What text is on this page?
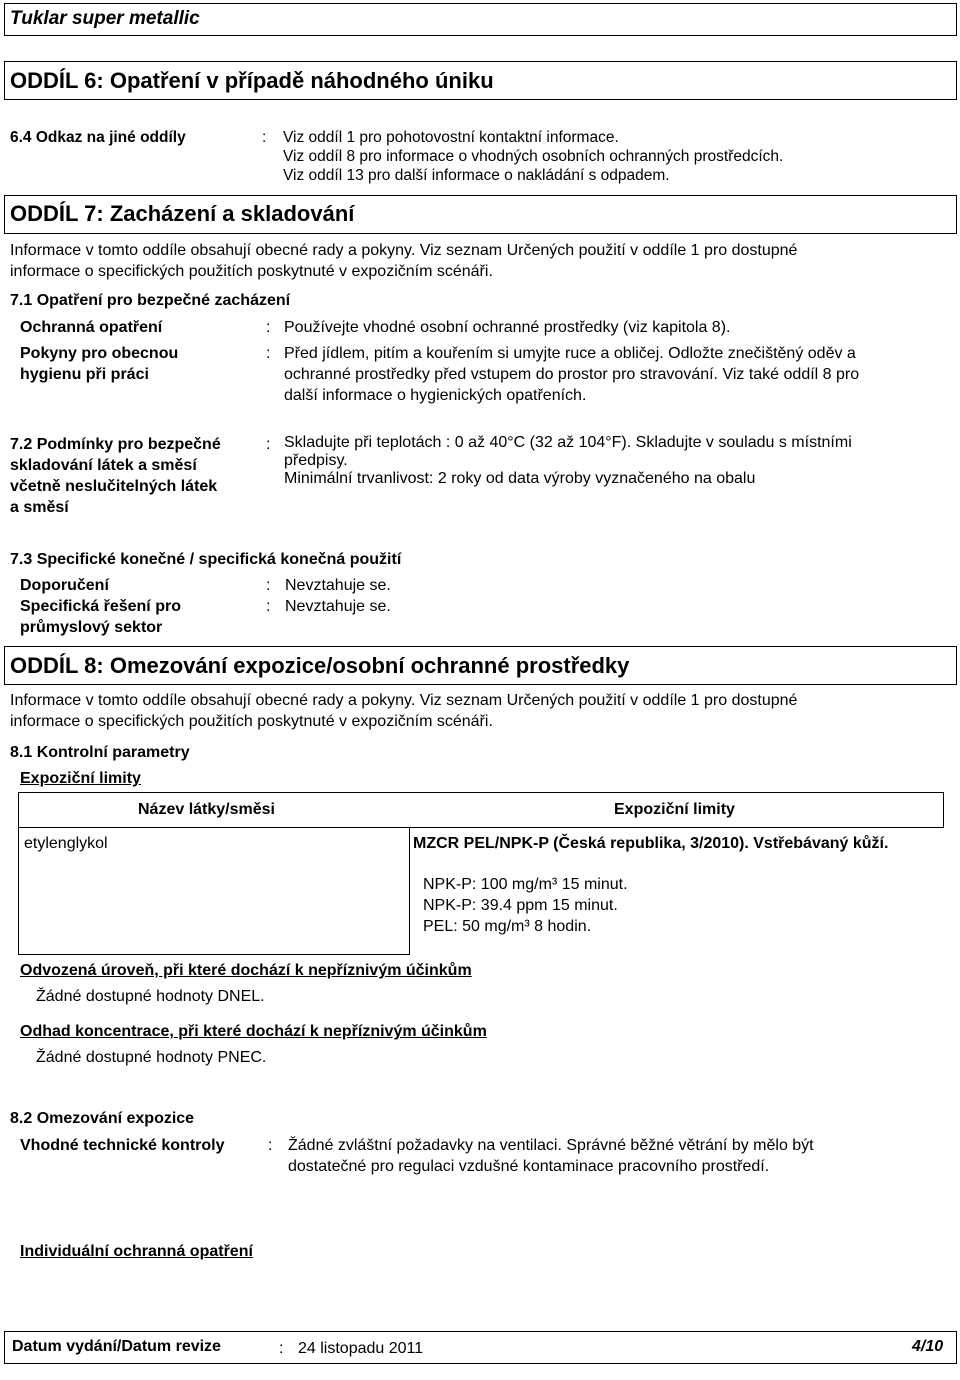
Tuklar super metallic
ODDÍL 6: Opatření v případě náhodného úniku
6.4 Odkaz na jiné oddíly	: Viz oddíl 1 pro pohotovostní kontaktní informace.
Viz oddíl 8 pro informace o vhodných osobních ochranných prostředcích.
Viz oddíl 13 pro další informace o nakládání s odpadem.
ODDÍL 7: Zacházení a skladování
Informace v tomto oddíle obsahují obecné rady a pokyny. Viz seznam Určených použití v oddíle 1 pro dostupné
informace o specifických použitích poskytnuté v expozičním scénáři.
7.1 Opatření pro bezpečné zacházení
Ochranná opatření	: Používejte vhodné osobní ochranné prostředky (viz kapitola 8).
Pokyny pro obecnou
hygienu při práci
: Před jídlem, pitím a kouřením si umyjte ruce a obličej. Odložte znečištěný oděv a
ochranné prostředky před vstupem do prostor pro stravování. Viz také oddíl 8 pro
další informace o hygienických opatřeních.
7.2 Podmínky pro bezpečné
skladování látek a směsí
včetně neslučitelných látek
a směsí
: Skladujte při teplotách : 0 až 40°C (32 až 104°F). Skladujte v souladu s místními
předpisy.
Minimální trvanlivost: 2 roky od data výroby vyznačeného na obalu
7.3 Specifické konečné / specifická konečná použití
Doporučení	: Nevztahuje se.
Specifická řešení pro
průmyslový sektor
: Nevztahuje se.
ODDÍL 8: Omezování expozice/osobní ochranné prostředky
Informace v tomto oddíle obsahují obecné rady a pokyny. Viz seznam Určených použití v oddíle 1 pro dostupné
informace o specifických použitích poskytnuté v expozičním scénáři.
8.1 Kontrolní parametry
Expoziční limity
Název látky/směsi	Expoziční limity
etylenglykol	MZCR PEL/NPK-P (Česká republika, 3/2010). Vstřebávaný kůží.
NPK-P: 100 mg/m³ 15 minut.
NPK-P: 39.4 ppm 15 minut.
PEL: 50 mg/m³ 8 hodin.
Odvozená úroveň, při které dochází k nepříznivým účinkům
Žádné dostupné hodnoty DNEL.
Odhad koncentrace, při které dochází k nepříznivým účinkům
Žádné dostupné hodnoty PNEC.
8.2 Omezování expozice
Vhodné technické kontroly	: Žádné zvláštní požadavky na ventilaci. Správné běžné větrání by mělo být
dostatečné pro regulaci vzdušné kontaminace pracovního prostředí.
Individuální ochranná opatření
Datum vydání/Datum revize	: 24 listopadu 2011	4/10
